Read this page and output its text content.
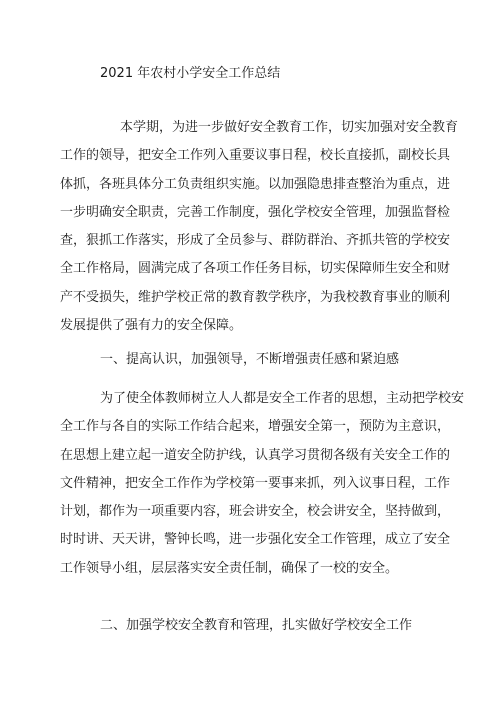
2021 年农村小学安全工作总结
本学期，为进一步做好安全教育工作，切实加强对安全教育
工作的领导，把安全工作列入重要议事日程，校长直接抓，副校长具
体抓，各班具体分工负责组织实施。以加强隐患排查整治为重点，进
一步明确安全职责，完善工作制度，强化学校安全管理，加强监督检
查，狠抓工作落实，形成了全员参与、群防群治、齐抓共管的学校安
全工作格局，圆满完成了各项工作任务目标，切实保障师生安全和财
产不受损失，维护学校正常的教育教学秩序，为我校教育事业的顺利
发展提供了强有力的安全保障。
一、提高认识，加强领导，不断增强责任感和紧迫感
为了使全体教师树立人人都是安全工作者的思想，主动把学校安
全工作与各自的实际工作结合起来，增强安全第一，预防为主意识，
在思想上建立起一道安全防护线，认真学习贯彻各级有关安全工作的
文件精神，把安全工作作为学校第一要事来抓，列入议事日程，工作
计划，都作为一项重要内容，班会讲安全，校会讲安全，坚持做到，
时时讲、天天讲，警钟长鸣，进一步强化安全工作管理，成立了安全
工作领导小组，层层落实安全责任制，确保了一校的安全。
二、加强学校安全教育和管理，扎实做好学校安全工作
